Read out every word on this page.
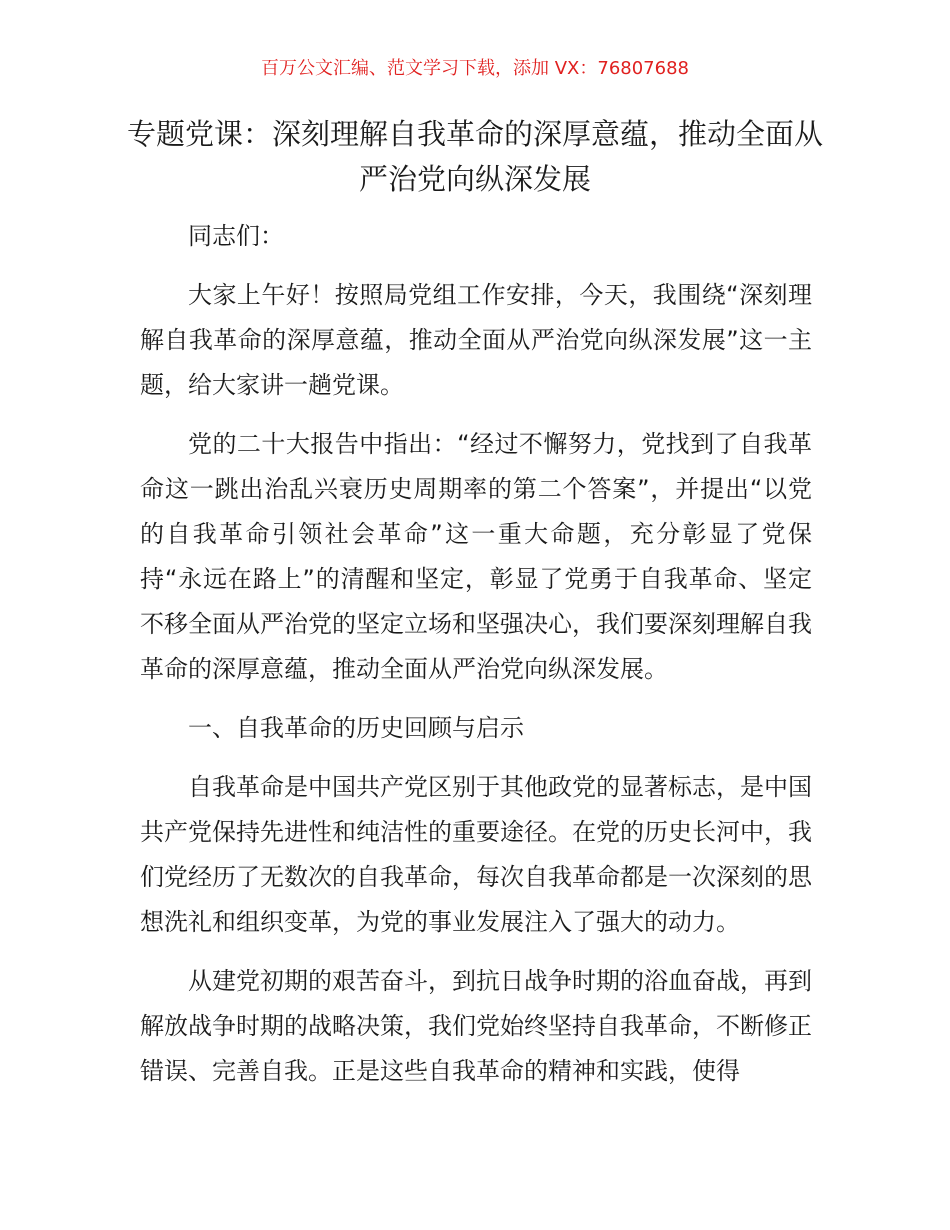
百万公文汇编、范文学习下载，添加 VX：76807688
专题党课：深刻理解自我革命的深厚意蕴，推动全面从严治党向纵深发展

同志们：

大家上午好！按照局党组工作安排，今天，我围绕“深刻理解自我革命的深厚意蕴，推动全面从严治党向纵深发展”这一主题，给大家讲一趟党课。

党的二十大报告中指出：“经过不懈努力，党找到了自我革命这一跳出治乱兴衰历史周期率的第二个答案”，并提出“以党的自我革命引领社会革命”这一重大命题，充分彰显了党保持“永远在路上”的清醒和坚定，彰显了党勇于自我革命、坚定不移全面从严治党的坚定立场和坚强决心，我们要深刻理解自我革命的深厚意蕴，推动全面从严治党向纵深发展。

一、自我革命的历史回顾与启示

自我革命是中国共产党区别于其他政党的显著标志，是中国共产党保持先进性和纯洁性的重要途径。在党的历史长河中，我们党经历了无数次的自我革命，每次自我革命都是一次深刻的思想洗礼和组织变革，为党的事业发展注入了强大的动力。

从建党初期的艰苦奋斗，到抗日战争时期的浴血奋战，再到解放战争时期的战略决策，我们党始终坚持自我革命，不断修正错误、完善自我。正是这些自我革命的精神和实践，使得
